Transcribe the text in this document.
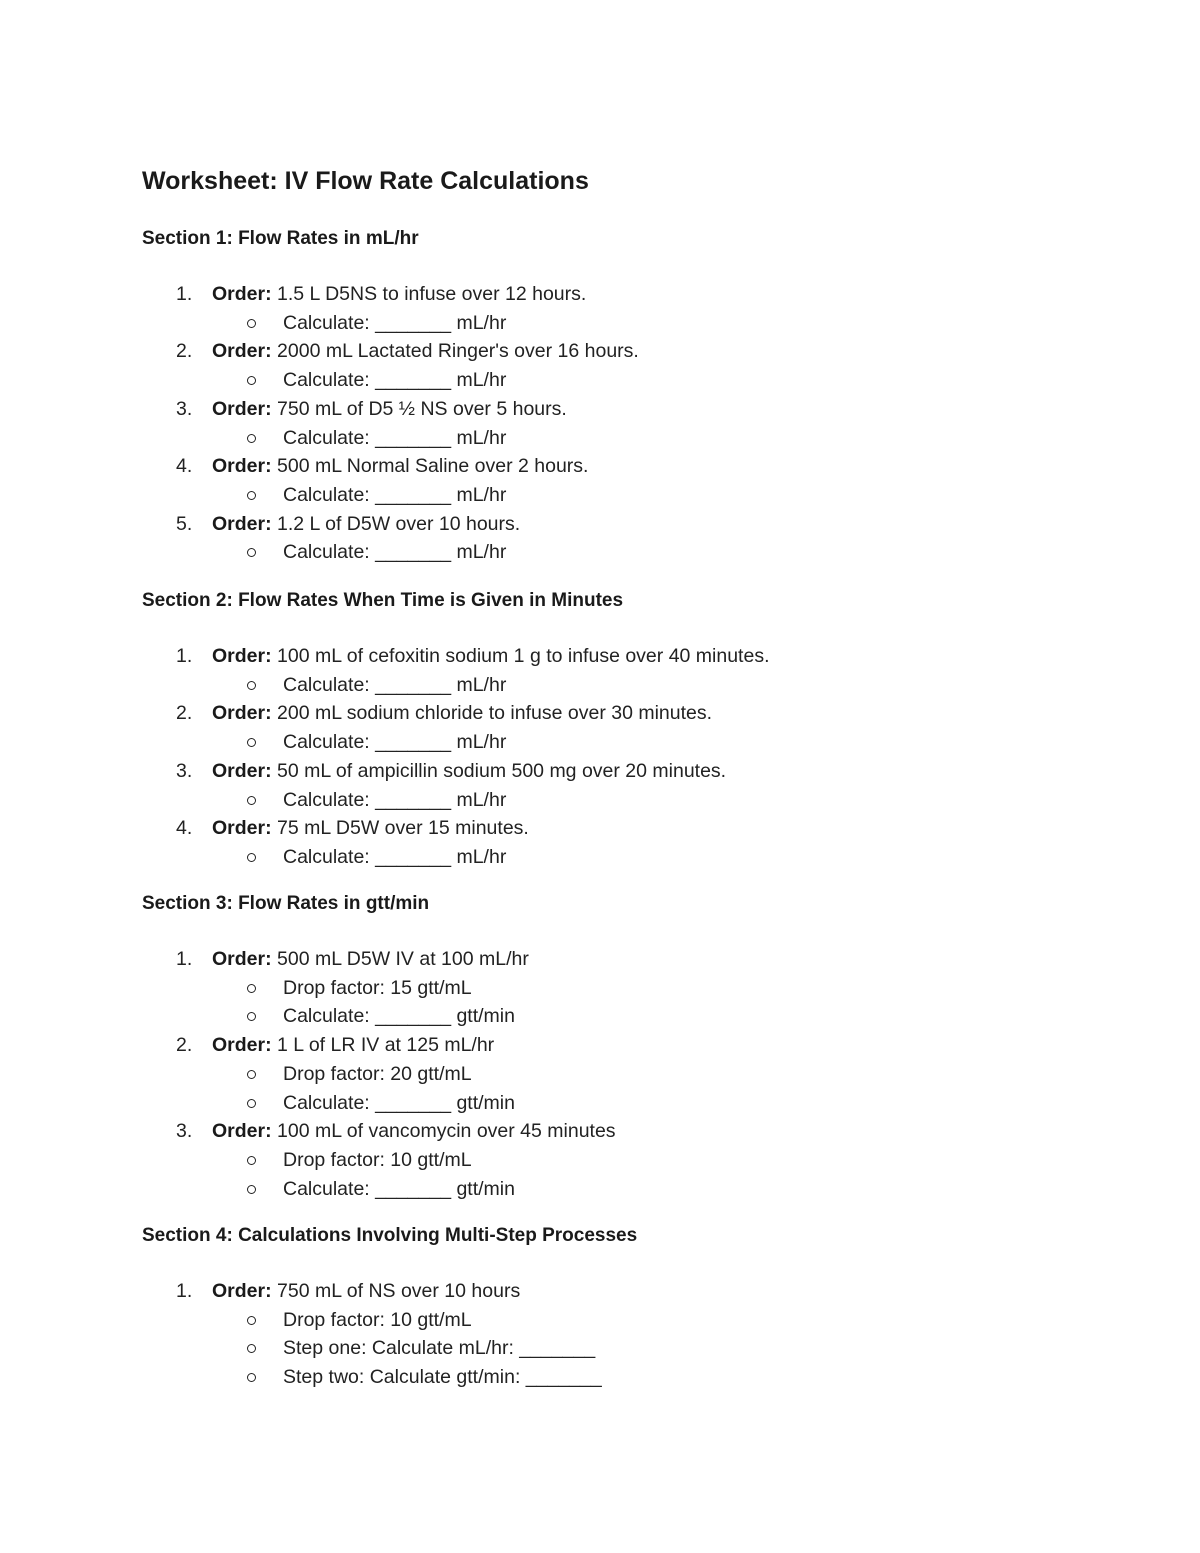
Worksheet: IV Flow Rate Calculations
Section 1: Flow Rates in mL/hr
1.	Order: 1.5 L D5NS to infuse over 12 hours.
Calculate: _______ mL/hr
2.	Order: 2000 mL Lactated Ringer's over 16 hours.
Calculate: _______ mL/hr
3.	Order: 750 mL of D5 ½ NS over 5 hours.
Calculate: _______ mL/hr
4.	Order: 500 mL Normal Saline over 2 hours.
Calculate: _______ mL/hr
5.	Order: 1.2 L of D5W over 10 hours.
Calculate: _______ mL/hr
Section 2: Flow Rates When Time is Given in Minutes
1.	Order: 100 mL of cefoxitin sodium 1 g to infuse over 40 minutes.
Calculate: _______ mL/hr
2.	Order: 200 mL sodium chloride to infuse over 30 minutes.
Calculate: _______ mL/hr
3.	Order: 50 mL of ampicillin sodium 500 mg over 20 minutes.
Calculate: _______ mL/hr
4.	Order: 75 mL D5W over 15 minutes.
Calculate: _______ mL/hr
Section 3: Flow Rates in gtt/min
1.	Order: 500 mL D5W IV at 100 mL/hr
Drop factor: 15 gtt/mL
Calculate: _______ gtt/min
2.	Order: 1 L of LR IV at 125 mL/hr
Drop factor: 20 gtt/mL
Calculate: _______ gtt/min
3.	Order: 100 mL of vancomycin over 45 minutes
Drop factor: 10 gtt/mL
Calculate: _______ gtt/min
Section 4: Calculations Involving Multi-Step Processes
1.	Order: 750 mL of NS over 10 hours
Drop factor: 10 gtt/mL
Step one: Calculate mL/hr: _______
Step two: Calculate gtt/min: _______
